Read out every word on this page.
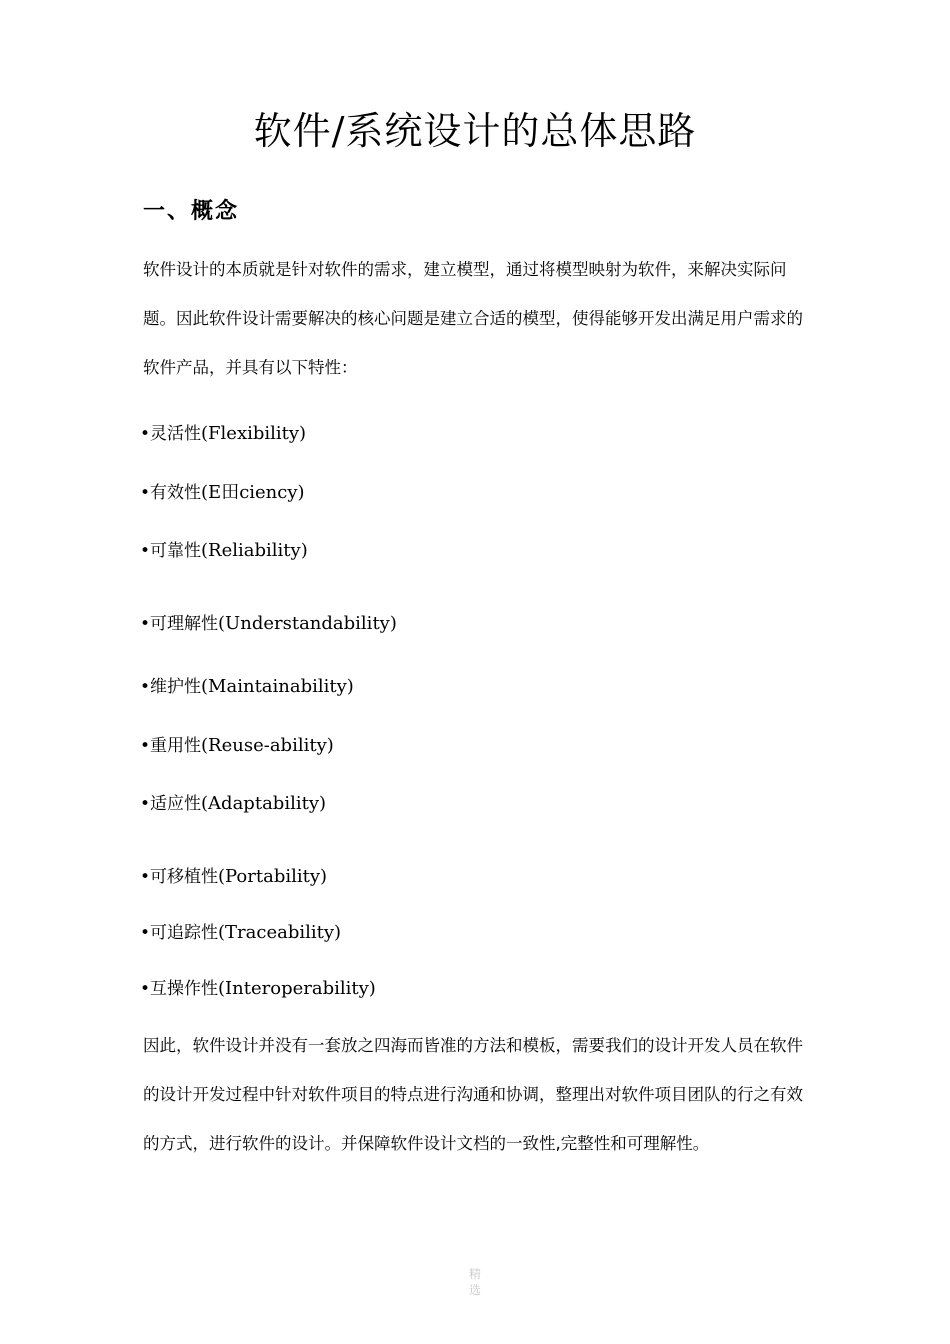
软件/系统设计的总体思路
一、概念

软件设计的本质就是针对软件的需求，建立模型，通过将模型映射为软件，来解决实际问题。因此软件设计需要解决的核心问题是建立合适的模型，使得能够开发出满足用户需求的软件产品，并具有以下特性：

•灵活性(Flexibility)
•有效性(E田ciency)
•可靠性(Reliability)
•可理解性(Understandability)
•维护性(Maintainability)
•重用性(Reuse-ability)
•适应性(Adaptability)
•可移植性(Portability)
•可追踪性(Traceability)
•互操作性(Interoperability)

因此，软件设计并没有一套放之四海而皆准的方法和模板，需要我们的设计开发人员在软件的设计开发过程中针对软件项目的特点进行沟通和协调，整理出对软件项目团队的行之有效的方式，进行软件的设计。并保障软件设计文档的一致性,完整性和可理解性。

精
选
